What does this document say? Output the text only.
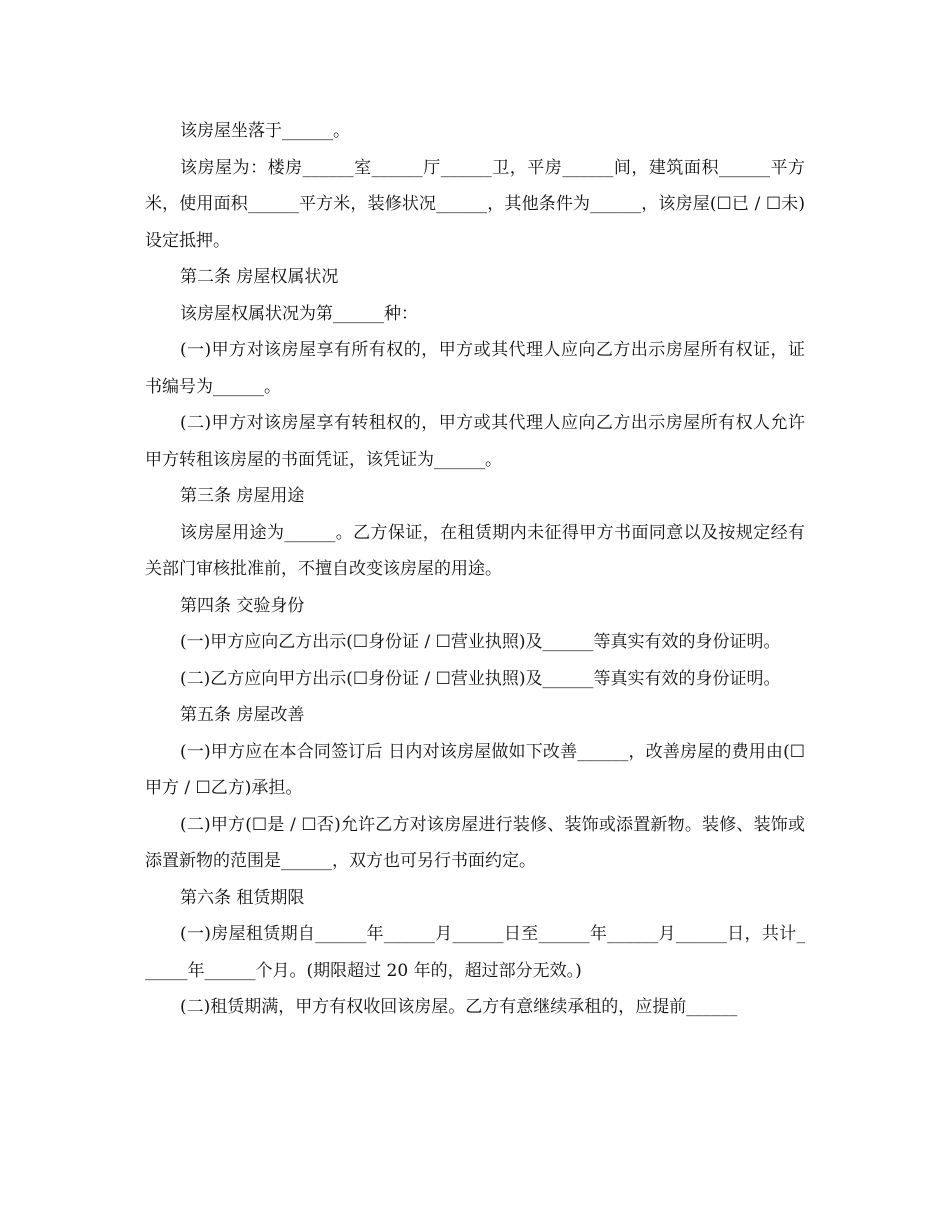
该房屋坐落于______。

该房屋为：楼房______室______厅______卫，平房______间，建筑面积______平方米，使用面积______平方米，装修状况______，其他条件为______，该房屋(☐已 / ☐未)设定抵押。

第二条 房屋权属状况

该房屋权属状况为第______种：

(一)甲方对该房屋享有所有权的，甲方或其代理人应向乙方出示房屋所有权证，证书编号为______。

(二)甲方对该房屋享有转租权的，甲方或其代理人应向乙方出示房屋所有权人允许甲方转租该房屋的书面凭证，该凭证为______。

第三条 房屋用途

该房屋用途为______。乙方保证，在租赁期内未征得甲方书面同意以及按规定经有关部门审核批准前，不擅自改变该房屋的用途。

第四条 交验身份

(一)甲方应向乙方出示(☐身份证 / ☐营业执照)及______等真实有效的身份证明。

(二)乙方应向甲方出示(☐身份证 / ☐营业执照)及______等真实有效的身份证明。

第五条 房屋改善

(一)甲方应在本合同签订后 日内对该房屋做如下改善______，改善房屋的费用由(☐甲方 / ☐乙方)承担。

(二)甲方(☐是 / ☐否)允许乙方对该房屋进行装修、装饰或添置新物。装修、装饰或添置新物的范围是______，双方也可另行书面约定。

第六条 租赁期限

(一)房屋租赁期自______年______月______日至______年______月______日，共计______年______个月。(期限超过 20 年的，超过部分无效。)

(二)租赁期满，甲方有权收回该房屋。乙方有意继续承租的，应提前______
